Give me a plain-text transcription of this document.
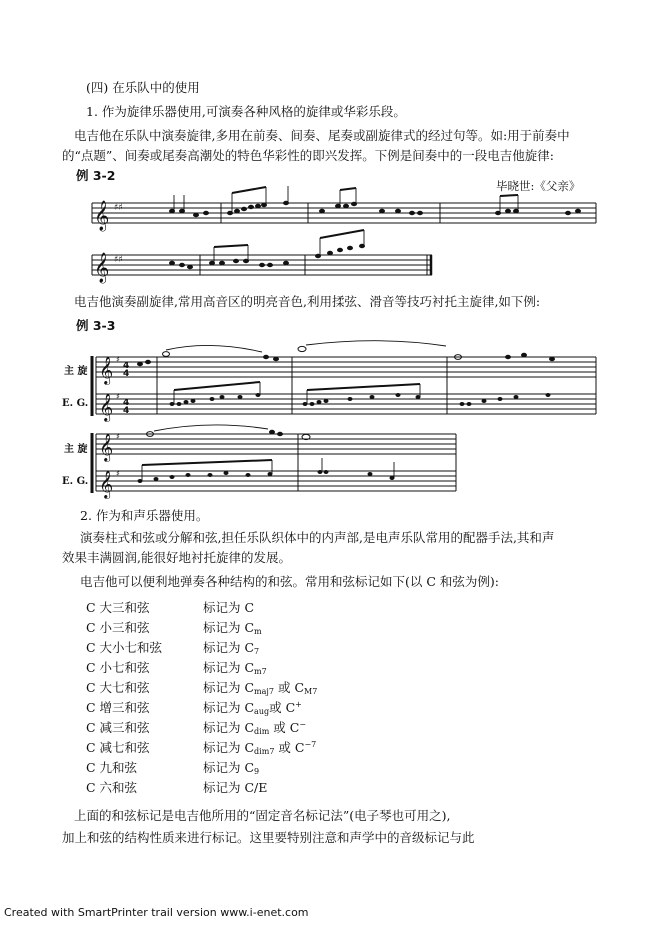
(四) 在乐队中的使用
1. 作为旋律乐器使用,可演奏各种风格的旋律或华彩乐段。
电吉他在乐队中演奏旋律,多用在前奏、间奏、尾奏或副旋律式的经过句等。如:用于前奏中
的“点题”、间奏或尾奏高潮处的特色华彩性的即兴发挥。下例是间奏中的一段电吉他旋律:
例 3-2
毕晓世:《父亲》
𝄞
𝄞
♯♯
♯♯
电吉他演奏副旋律,常用高音区的明亮音色,利用揉弦、滑音等技巧衬托主旋律,如下例:
例 3-3
主 旋
E. G.
主 旋
E. G.
𝄞
𝄞
𝄞
𝄞
♯
♯
♯
♯
4
4
4
4
2. 作为和声乐器使用。
演奏柱式和弦或分解和弦,担任乐队织体中的内声部,是电声乐队常用的配器手法,其和声
效果丰满圆润,能很好地衬托旋律的发展。
电吉他可以便利地弹奏各种结构的和弦。常用和弦标记如下(以 C 和弦为例):
C 大三和弦	标记为 C
C 小三和弦	标记为 $C_m$
C 大小七和弦	标记为 $C_7$
C 小七和弦	标记为 $C_{m7}$
C 大七和弦	标记为 $C_{maj7}$ 或 $C_{M7}$
C 增三和弦	标记为 $C_{aug}$或 C+
C 减三和弦	标记为 $C_{dim}$ 或 C−
C 减七和弦	标记为 $C_{dim7}$ 或 $C^{-7}$
C 九和弦	标记为 $C_9$
C 六和弦	标记为 C/E
上面的和弦标记是电吉他所用的“固定音名标记法”(电子琴也可用之),
加上和弦的结构性质来进行标记。这里要特别注意和声学中的音级标记与此
Created with SmartPrinter trail version www.i-enet.com
